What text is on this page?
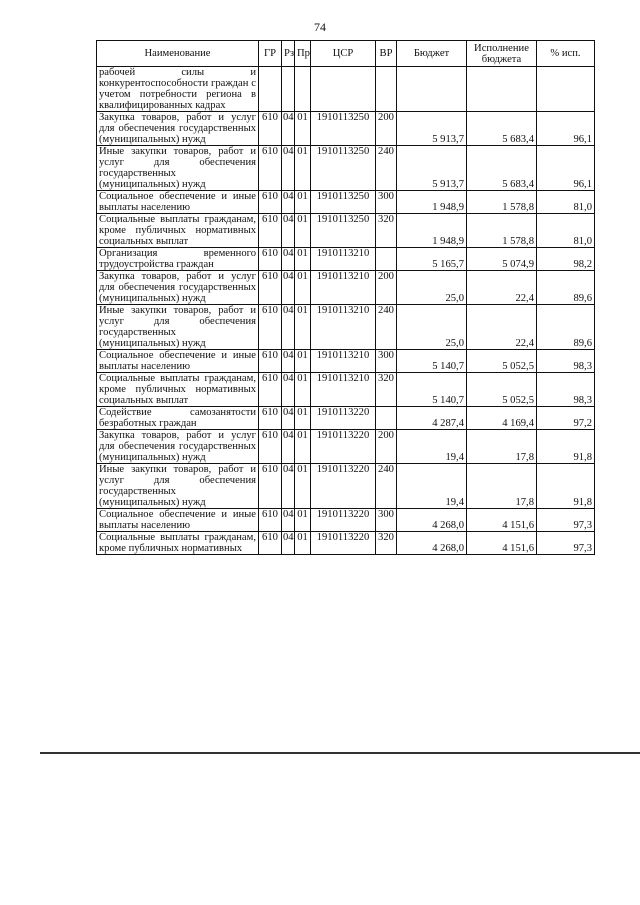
74
Наименование	ГР	Рз	Пр	ЦСР	ВР	Бюджет	Исполнение бюджета	% исп.
рабочей силы и конкурентоспособности граждан с учетом потребности региона в квалифицированных кадрах								
Закупка товаров, работ и услуг для обеспечения государственных (муниципальных) нужд	610	04	01	1910113250	200	5 913,7	5 683,4	96,1
Иные закупки товаров, работ и услуг для обеспечения государственных (муниципальных) нужд	610	04	01	1910113250	240	5 913,7	5 683,4	96,1
Социальное обеспечение и иные выплаты населению	610	04	01	1910113250	300	1 948,9	1 578,8	81,0
Социальные выплаты гражданам, кроме публичных нормативных социальных выплат	610	04	01	1910113250	320	1 948,9	1 578,8	81,0
Организация временного трудоустройства граждан	610	04	01	1910113210		5 165,7	5 074,9	98,2
Закупка товаров, работ и услуг для обеспечения государственных (муниципальных) нужд	610	04	01	1910113210	200	25,0	22,4	89,6
Иные закупки товаров, работ и услуг для обеспечения государственных (муниципальных) нужд	610	04	01	1910113210	240	25,0	22,4	89,6
Социальное обеспечение и иные выплаты населению	610	04	01	1910113210	300	5 140,7	5 052,5	98,3
Социальные выплаты гражданам, кроме публичных нормативных социальных выплат	610	04	01	1910113210	320	5 140,7	5 052,5	98,3
Содействие самозанятости безработных граждан	610	04	01	1910113220		4 287,4	4 169,4	97,2
Закупка товаров, работ и услуг для обеспечения государственных (муниципальных) нужд	610	04	01	1910113220	200	19,4	17,8	91,8
Иные закупки товаров, работ и услуг для обеспечения государственных (муниципальных) нужд	610	04	01	1910113220	240	19,4	17,8	91,8
Социальное обеспечение и иные выплаты населению	610	04	01	1910113220	300	4 268,0	4 151,6	97,3
Социальные выплаты гражданам, кроме публичных нормативных	610	04	01	1910113220	320	4 268,0	4 151,6	97,3
